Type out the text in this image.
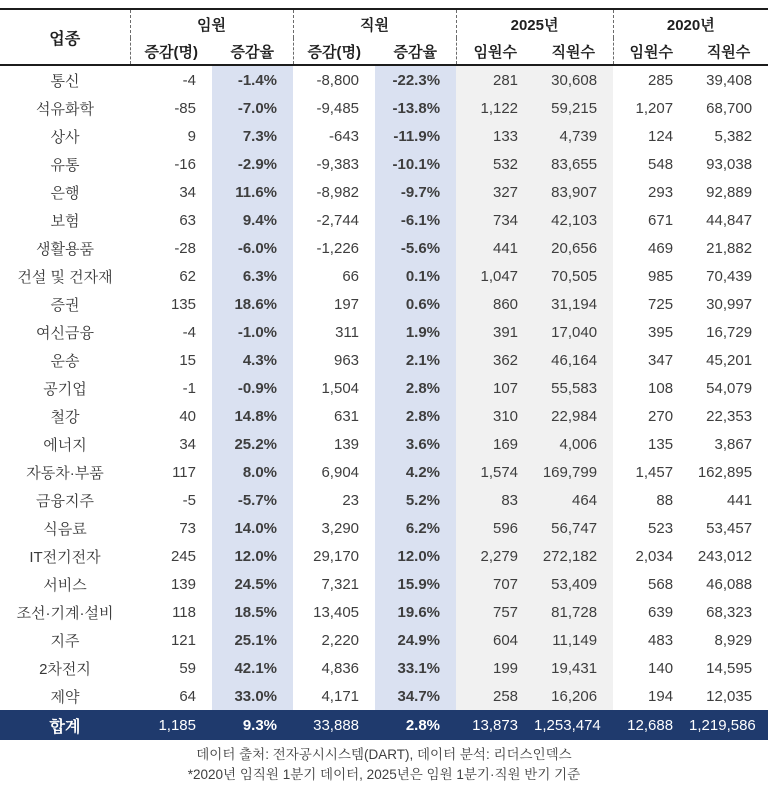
업종	임원		직원		2025년		2020년	
	증감(명)	증감율	증감(명)	증감율	임원수	직원수	임원수	직원수
통신	-4	-1.4%	-8,800	-22.3%	281	30,608	285	39,408
석유화학	-85	-7.0%	-9,485	-13.8%	1,122	59,215	1,207	68,700
상사	9	7.3%	-643	-11.9%	133	4,739	124	5,382
유통	-16	-2.9%	-9,383	-10.1%	532	83,655	548	93,038
은행	34	11.6%	-8,982	-9.7%	327	83,907	293	92,889
보험	63	9.4%	-2,744	-6.1%	734	42,103	671	44,847
생활용품	-28	-6.0%	-1,226	-5.6%	441	20,656	469	21,882
건설 및 건자재	62	6.3%	66	0.1%	1,047	70,505	985	70,439
증권	135	18.6%	197	0.6%	860	31,194	725	30,997
여신금융	-4	-1.0%	311	1.9%	391	17,040	395	16,729
운송	15	4.3%	963	2.1%	362	46,164	347	45,201
공기업	-1	-0.9%	1,504	2.8%	107	55,583	108	54,079
철강	40	14.8%	631	2.8%	310	22,984	270	22,353
에너지	34	25.2%	139	3.6%	169	4,006	135	3,867
자동차·부품	117	8.0%	6,904	4.2%	1,574	169,799	1,457	162,895
금융지주	-5	-5.7%	23	5.2%	83	464	88	441
식음료	73	14.0%	3,290	6.2%	596	56,747	523	53,457
IT전기전자	245	12.0%	29,170	12.0%	2,279	272,182	2,034	243,012
서비스	139	24.5%	7,321	15.9%	707	53,409	568	46,088
조선·기계·설비	118	18.5%	13,405	19.6%	757	81,728	639	68,323
지주	121	25.1%	2,220	24.9%	604	11,149	483	8,929
2차전지	59	42.1%	4,836	33.1%	199	19,431	140	14,595
제약	64	33.0%	4,171	34.7%	258	16,206	194	12,035
합계	1,185	9.3%	33,888	2.8%	13,873	1,253,474	12,688	1,219,586
데이터 출처: 전자공시시스템(DART), 데이터 분석: 리더스인덱스
*2020년 임직원 1분기 데이터, 2025년은 임원 1분기·직원 반기 기준
